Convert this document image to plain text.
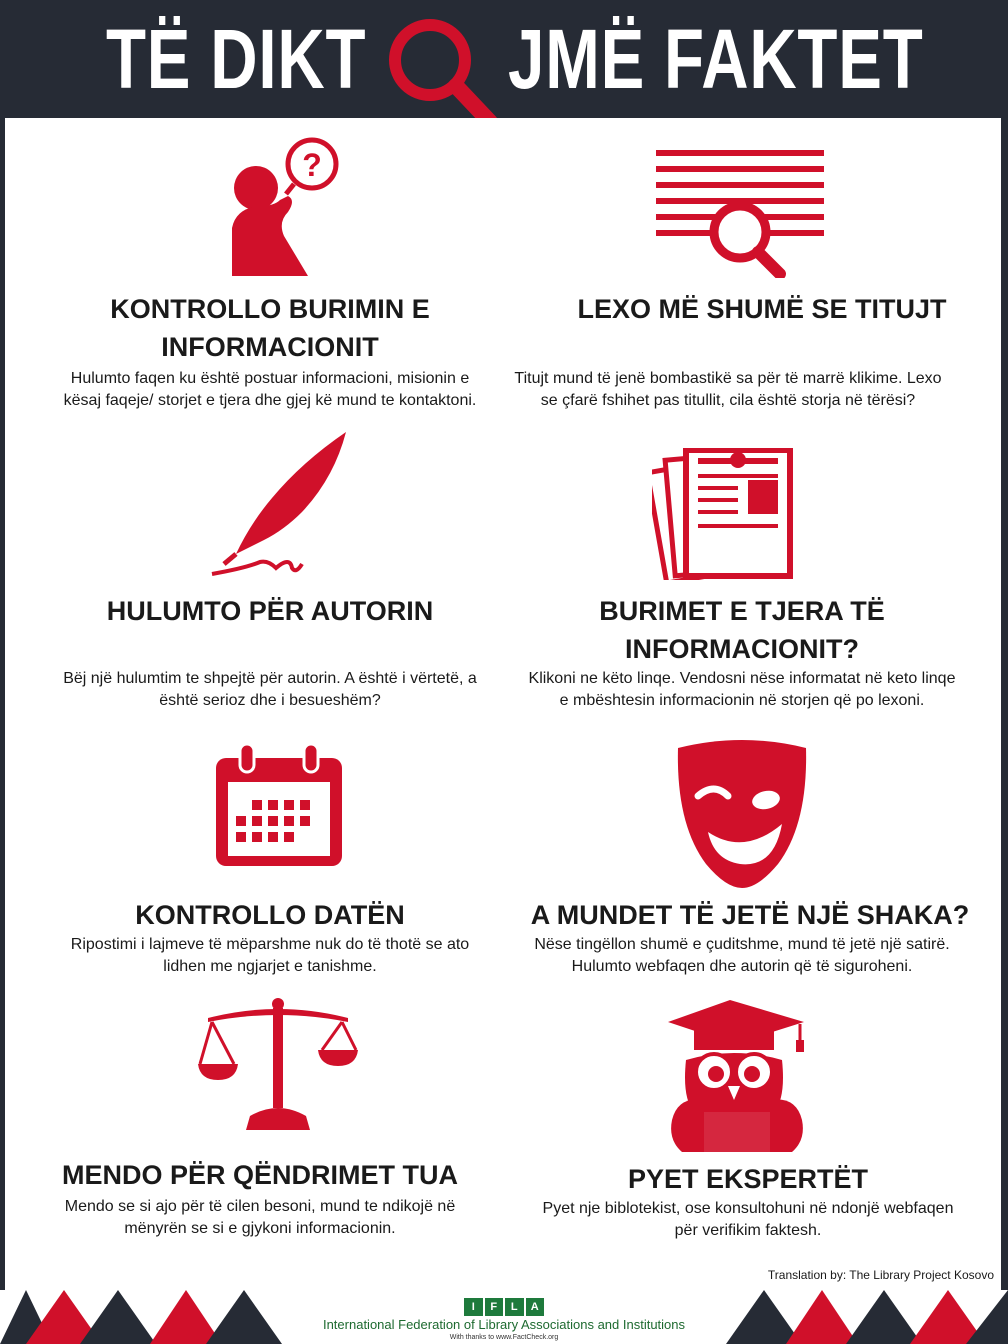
TË DIKT JMË FAKTET
?
KONTROLLO BURIMIN E
INFORMACIONIT
Hulumto faqen ku është postuar informacioni, misionin e
kësaj faqeje/ storjet e tjera dhe gjej kë mund te kontaktoni.
LEXO MË SHUMË SE TITUJT
Titujt mund të jenë bombastikë sa për të marrë klikime. Lexo
se çfarë fshihet pas titullit, cila është storja në tërësi?
HULUMTO PËR AUTORIN
Bëj një hulumtim te shpejtë për autorin. A është i vërtetë, a
është serioz dhe i besueshëm?
BURIMET E TJERA TË
INFORMACIONIT?
Klikoni ne këto linqe. Vendosni nëse informatat në keto linqe
e mbështesin informacionin në storjen që po lexoni.
KONTROLLO DATËN
Ripostimi i lajmeve të mëparshme nuk do të thotë se ato
lidhen me ngjarjet e tanishme.
A MUNDET TË JETË NJË SHAKA?
Nëse tingëllon shumë e çuditshme, mund të jetë një satirë.
Hulumto webfaqen dhe autorin që të siguroheni.
MENDO PËR QËNDRIMET TUA
Mendo se si ajo për të cilen besoni, mund te ndikojë në
mënyrën se si e gjykoni informacionin.
PYET EKSPERTËT
Pyet nje biblotekist, ose konsultohuni në ndonjë webfaqen
për verifikim faktesh.
Translation by: The Library Project Kosovo
I	F	L	A
International Federation of Library Associations and Institutions
With thanks to www.FactCheck.org
